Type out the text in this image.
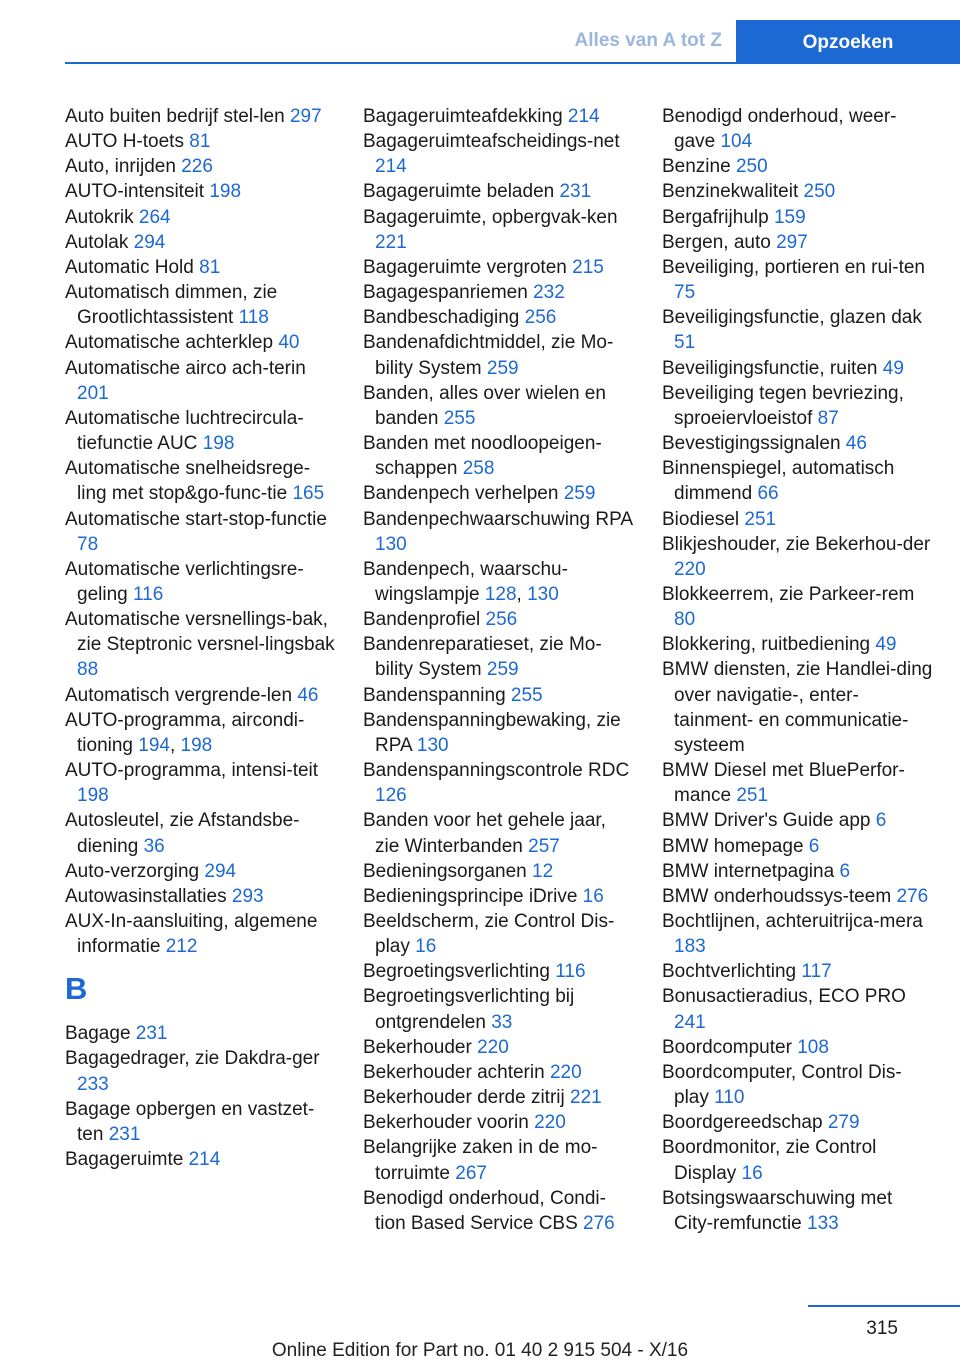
Alles van A tot Z	Opzoeken
Auto buiten bedrijf stel-len 297
AUTO H-toets 81
Auto, inrijden 226
AUTO-intensiteit 198
Autokrik 264
Autolak 294
Automatic Hold 81
Automatisch dimmen, zie Grootlichtassistent 118
Automatische achterklep 40
Automatische airco ach-terin 201
Automatische luchtrecircula-tiefunctie AUC 198
Automatische snelheidsrege-ling met stop&go-func-tie 165
Automatische start-stop-functie 78
Automatische verlichtingsre-geling 116
Automatische versnellings-bak, zie Steptronic versnel-lingsbak 88
Automatisch vergrende-len 46
AUTO-programma, aircondi-tioning 194, 198
AUTO-programma, intensi-teit 198
Autosleutel, zie Afstandsbe-diening 36
Auto-verzorging 294
Autowasinstallaties 293
AUX-In-aansluiting, algemene informatie 212
B
Bagage 231
Bagagedrager, zie Dakdra-ger 233
Bagage opbergen en vastzet-ten 231
Bagageruimte 214
Bagageruimteafdekking 214
Bagageruimteafscheidings-net 214
Bagageruimte beladen 231
Bagageruimte, opbergvak-ken 221
Bagageruimte vergroten 215
Bagagespanriemen 232
Bandbeschadiging 256
Bandenafdichtmiddel, zie Mo-bility System 259
Banden, alles over wielen en banden 255
Banden met noodloopeigen-schappen 258
Bandenpech verhelpen 259
Bandenpechwaarschuwing RPA 130
Bandenpech, waarschu-wingslampje 128, 130
Bandenprofiel 256
Bandenreparatieset, zie Mo-bility System 259
Bandenspanning 255
Bandenspanningbewaking, zie RPA 130
Bandenspanningscontrole RDC 126
Banden voor het gehele jaar, zie Winterbanden 257
Bedieningsorganen 12
Bedieningsprincipe iDrive 16
Beeldscherm, zie Control Dis-play 16
Begroetingsverlichting 116
Begroetingsverlichting bij ontgrendelen 33
Bekerhouder 220
Bekerhouder achterin 220
Bekerhouder derde zitrij 221
Bekerhouder voorin 220
Belangrijke zaken in de mo-torruimte 267
Benodigd onderhoud, Condi-tion Based Service CBS 276
Benodigd onderhoud, weer-gave 104
Benzine 250
Benzinekwaliteit 250
Bergafrijhulp 159
Bergen, auto 297
Beveiliging, portieren en rui-ten 75
Beveiligingsfunctie, glazen dak 51
Beveiligingsfunctie, ruiten 49
Beveiliging tegen bevriezing, sproeiervloeistof 87
Bevestigingssignalen 46
Binnenspiegel, automatisch dimmend 66
Biodiesel 251
Blikjeshouder, zie Bekerhou-der 220
Blokkeerrem, zie Parkeer-rem 80
Blokkering, ruitbediening 49
BMW diensten, zie Handlei-ding over navigatie-, enter-tainment- en communicatie-systeem
BMW Diesel met BluePerfor-mance 251
BMW Driver's Guide app 6
BMW homepage 6
BMW internetpagina 6
BMW onderhoudssys-teem 276
Bochtlijnen, achteruitrijca-mera 183
Bochtverlichting 117
Bonusactieradius, ECO PRO 241
Boordcomputer 108
Boordcomputer, Control Dis-play 110
Boordgereedschap 279
Boordmonitor, zie Control Display 16
Botsingswaarschuwing met City-remfunctie 133
315
Online Edition for Part no. 01 40 2 915 504 - X/16
